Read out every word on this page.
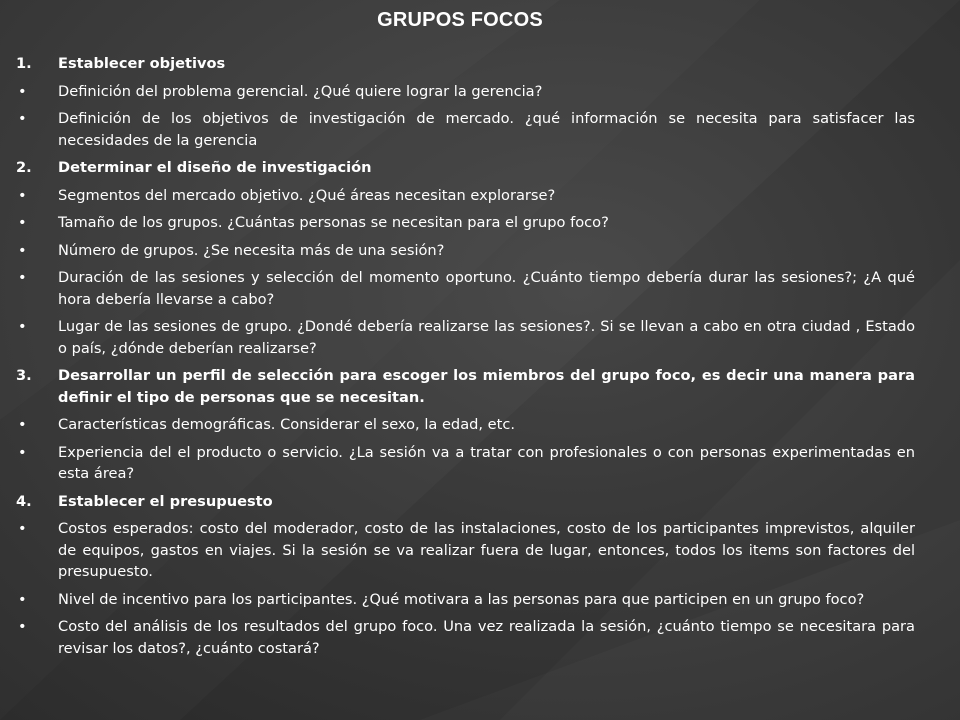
GRUPOS FOCOS
1.	Establecer objetivos
•	Definición del problema gerencial. ¿Qué quiere lograr la gerencia?
•	Definición de los objetivos de investigación de mercado. ¿qué información se necesita para satisfacer las necesidades de la gerencia
2.	Determinar el diseño de investigación
•	Segmentos del mercado objetivo. ¿Qué áreas necesitan explorarse?
•	Tamaño de los grupos. ¿Cuántas personas se necesitan para el grupo foco?
•	Número de grupos. ¿Se necesita más de una sesión?
•	Duración de las sesiones y selección del momento oportuno. ¿Cuánto tiempo debería durar las sesiones?; ¿A qué hora debería llevarse a cabo?
•	Lugar de las sesiones de grupo. ¿Dondé debería realizarse las sesiones?. Si se llevan a cabo en otra ciudad , Estado o país, ¿dónde deberían realizarse?
3.	Desarrollar un perfil de selección para escoger los miembros del grupo foco, es decir una manera para definir el tipo de personas que se necesitan.
•	Características demográficas. Considerar el sexo, la edad, etc.
•	Experiencia del el producto o servicio. ¿La sesión va a tratar con profesionales o con personas experimentadas en esta área?
4.	Establecer el presupuesto
•	Costos esperados: costo del moderador, costo de las instalaciones, costo de los participantes imprevistos, alquiler de equipos, gastos en viajes. Si la sesión se va realizar fuera de lugar, entonces, todos los items son factores del presupuesto.
•	Nivel de incentivo para los participantes. ¿Qué motivara a las personas para que participen en un grupo foco?
•	Costo del análisis de los resultados del grupo foco. Una vez realizada la sesión, ¿cuánto tiempo se necesitara para revisar los datos?, ¿cuánto costará?
